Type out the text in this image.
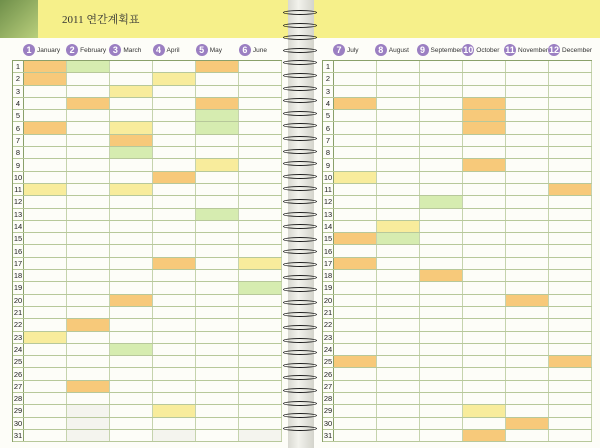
2011 연간계획표
1 January	2 February 3 March	4 April	5 May	6 June
1
2
3
4
5
6
7
8
9
10
11
12
13
14
15
16
17
18
19
20
21
22
23
24
25
26
27
28
29
30
31
7 July	8 August	9 September 10 October 11 November 12 December
1
2
3
4
5
6
7
8
9
10
11
12
13
14
15
16
17
18
19
20
21
22
23
24
25
26
27
28
29
30
31
